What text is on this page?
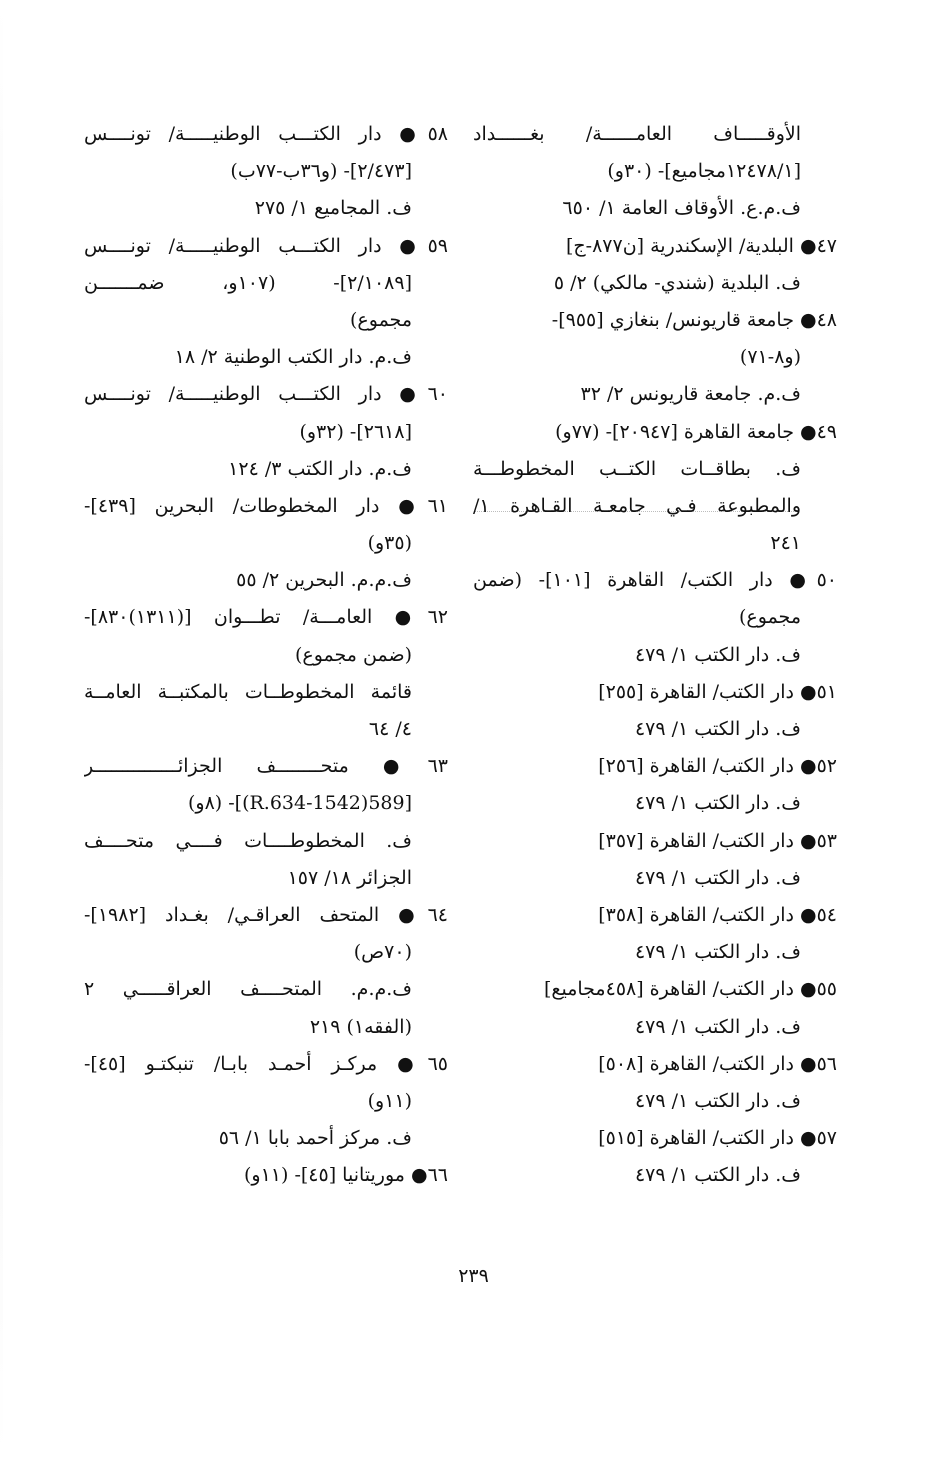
الأوقـــــاف العامــــــة/ بغــــــداد
[١٢٤٧٨/١مجاميع]- (٣٠و)
ف.م.ع. الأوقاف العامة ١/ ٦٥٠
٤٧● البلدية/ الإسكندرية [ن٨٧٧-ج]
ف. البلدية (شندي- مالكي) ٢/ ٥
٤٨● جامعة قاريونس/ بنغازي [٩٥٥]-
(و٨-٧١)
ف.م. جامعة قاريونس ٢/ ٣٢
٤٩● جامعة القاهرة [٢٠٩٤٧]- (٧٧و)
ف. بطاقــات الكتــب المخطوطـــة
والمطبوعة فـي جامعـة القـاهرة ١/
٢٤١
٥٠● دار الكتب/ القاهرة [١٠١]- (ضمن
مجموع)
ف. دار الكتب ١/ ٤٧٩
٥١● دار الكتب/ القاهرة [٢٥٥]
ف. دار الكتب ١/ ٤٧٩
٥٢● دار الكتب/ القاهرة [٢٥٦]
ف. دار الكتب ١/ ٤٧٩
٥٣● دار الكتب/ القاهرة [٣٥٧]
ف. دار الكتب ١/ ٤٧٩
٥٤● دار الكتب/ القاهرة [٣٥٨]
ف. دار الكتب ١/ ٤٧٩
٥٥● دار الكتب/ القاهرة [٤٥٨مجاميع]
ف. دار الكتب ١/ ٤٧٩
٥٦● دار الكتب/ القاهرة [٥٠٨]
ف. دار الكتب ١/ ٤٧٩
٥٧● دار الكتب/ القاهرة [٥١٥]
ف. دار الكتب ١/ ٤٧٩
٥٨● دار الكتـــب الوطنيـــــة/ تونــــس
[٢/٤٧٣]- (و٣٦ب-٧٧ب)
ف. المجاميع ١/ ٢٧٥
٥٩● دار الكتـــب الوطنيـــــة/ تونــــس
[٢/١٠٨٩]- (١٠٧و، ضمـــــــن
مجموع)
ف.م. دار الكتب الوطنية ٢/ ١٨
٦٠● دار الكتـــب الوطنيـــــة/ تونــــس
[٢٦١٨]- (٣٢و)
ف.م. دار الكتب ٣/ ١٢٤
٦١● دار المخطوطات/ البحرين [٤٣٩]-
(٣٥و)
ف.م.م. البحرين ٢/ ٥٥
٦٢● العامـــة/ تطـــوان [(١٣١١)٨٣٠]-
(ضمن مجموع)
قائمة المخطوطــات بالمكتبــة العامــة
٤/ ٦٤
٦٣● متحــــــــف الجزائـــــــــــــــر
[589(1542-R.634)]- (٨و)
ف. المخطوطــــات فــــي متحــــف
الجزائر ١٨/ ١٥٧
٦٤● المتحف العراقـي/ بغـداد [١٩٨٢]-
(٧٠ص)
ف.م.م. المتحــــف العراقـــــي ٢
(الفقه١) ٢١٩
٦٥● مركـز أحمـد بابـا/ تنبكتـو [٤٥]-
(١١و)
ف. مركز أحمد بابا ١/ ٥٦
٦٦● موريتانيا [٤٥]- (١١و)
٢٣٩
